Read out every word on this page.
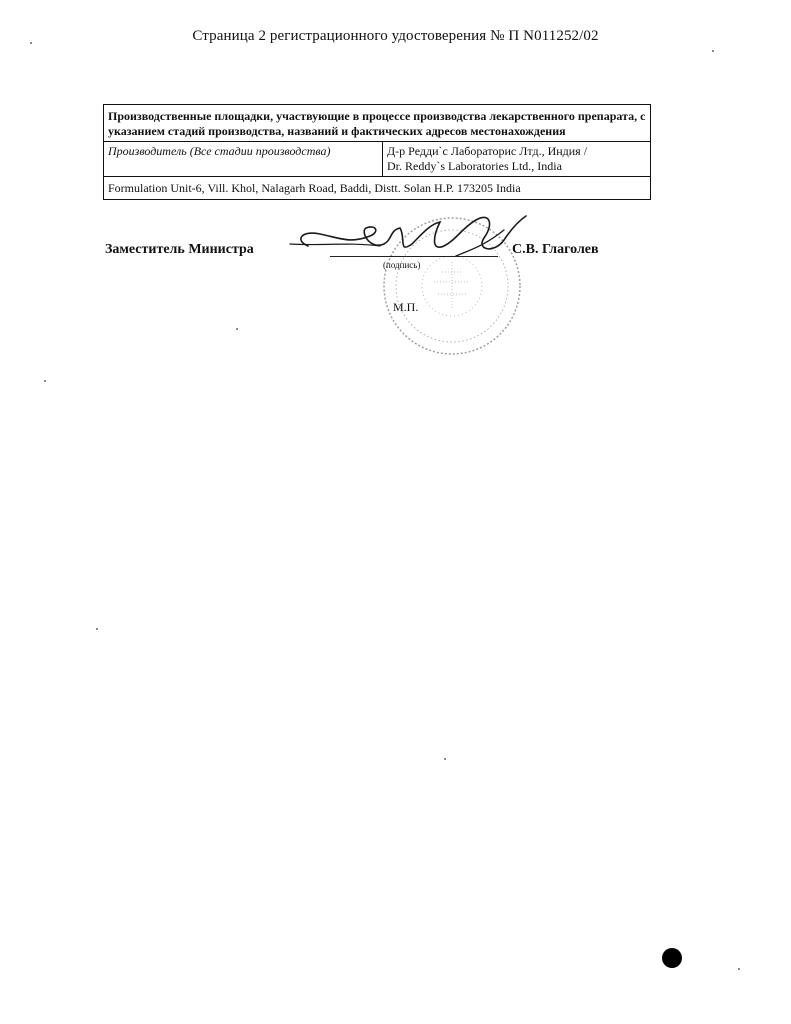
Страница 2 регистрационного удостоверения № П N011252/02
Производственные площадки, участвующие в процессе производства лекарственного препарата, с указанием стадий производства, названий и фактических адресов местонахождения
Производитель (Все стадии производства)	Д-р Редди`с Лабораторис Лтд., Индия /
Dr. Reddy`s Laboratories Ltd., India

Formulation Unit-6, Vill. Khol, Nalagarh Road, Baddi, Distt. Solan H.P. 173205 India
Заместитель Министра
(подпись)
С.В. Глаголев
М.П.
